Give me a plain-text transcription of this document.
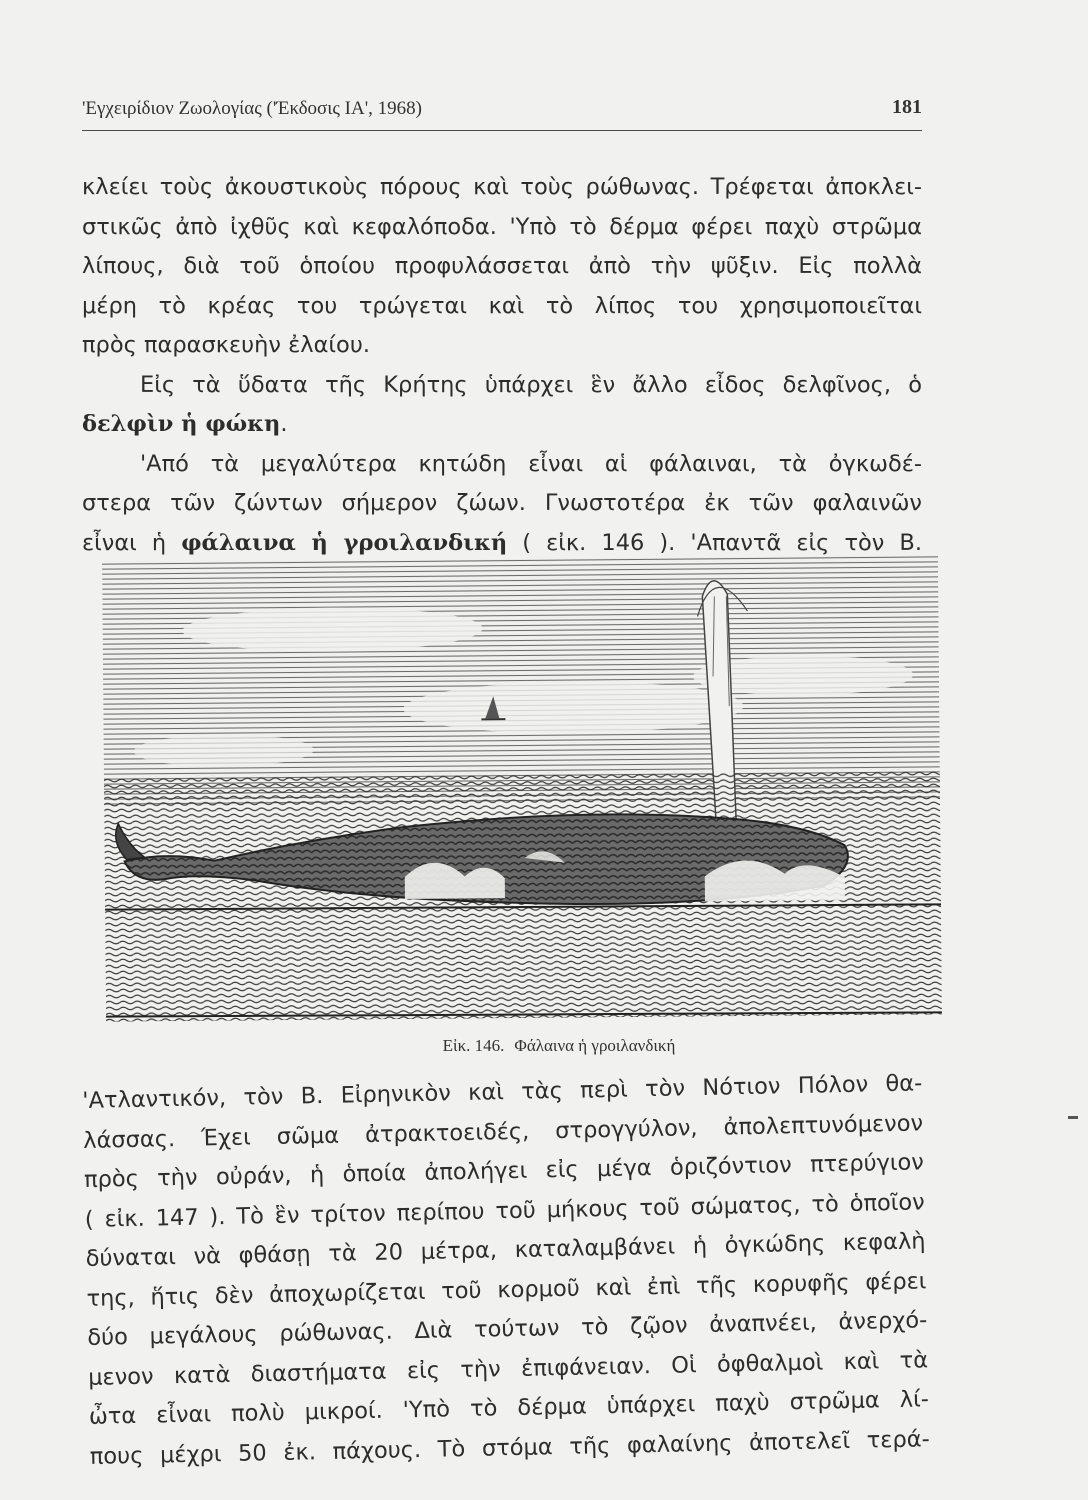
'Εγχειρίδιον Ζωολογίας ('Έκδοσις ΙΑ', 1968)	181
κλείει τοὺς ἀκουστικοὺς πόρους καὶ τοὺς ρώθωνας. Τρέφεται ἀποκλει-
στικῶς ἀπὸ ἰχθῦς καὶ κεφαλόποδα. 'Υπὸ τὸ δέρμα φέρει παχὺ στρῶμα
λίπους, διὰ τοῦ ὁποίου προφυλάσσεται ἀπὸ τὴν ψῦξιν. Εἰς πολλὰ
μέρη τὸ κρέας του τρώγεται καὶ τὸ λίπος του χρησιμοποιεῖται
πρὸς παρασκευὴν ἐλαίου.
Εἰς τὰ ὕδατα τῆς Κρήτης ὑπάρχει ἓν ἄλλο εἶδος δελφῖνος, ὁ
δελφὶν ἡ φώκη.
'Από τὰ μεγαλύτερα κητώδη εἶναι αἱ φάλαιναι, τὰ ὀγκωδέ-
στερα τῶν ζώντων σήμερον ζώων. Γνωστοτέρα ἐκ τῶν φαλαινῶν
εἶναι ἡ φάλαινα ἡ γροιλανδική ( εἰκ. 146 ). 'Απαντᾶ εἰς τὸν Β.
Εἰκ. 146. Φάλαινα ἡ γροιλανδική
'Ατλαντικόν, τὸν Β. Εἰρηνικὸν καὶ τὰς περὶ τὸν Νότιον Πόλον θα-
λάσσας. Έχει σῶμα ἀτρακτοειδές, στρογγύλον, ἀπολεπτυνόμενον
πρὸς τὴν οὐράν, ἡ ὁποία ἀπολήγει εἰς μέγα ὁριζόντιον πτερύγιον
( εἰκ. 147 ). Τὸ ἓν τρίτον περίπου τοῦ μήκους τοῦ σώματος, τὸ ὁποῖον
δύναται νὰ φθάσῃ τὰ 20 μέτρα, καταλαμβάνει ἡ ὀγκώδης κεφαλὴ
της, ἥτις δὲν ἀποχωρίζεται τοῦ κορμοῦ καὶ ἐπὶ τῆς κορυφῆς φέρει
δύο μεγάλους ρώθωνας. Διὰ τούτων τὸ ζῷον ἀναπνέει, ἀνερχό-
μενον κατὰ διαστήματα εἰς τὴν ἐπιφάνειαν. Οἱ ὀφθαλμοὶ καὶ τὰ
ὦτα εἶναι πολὺ μικροί. 'Υπὸ τὸ δέρμα ὑπάρχει παχὺ στρῶμα λί-
πους μέχρι 50 ἐκ. πάχους. Τὸ στόμα τῆς φαλαίνης ἀποτελεῖ τερά-
